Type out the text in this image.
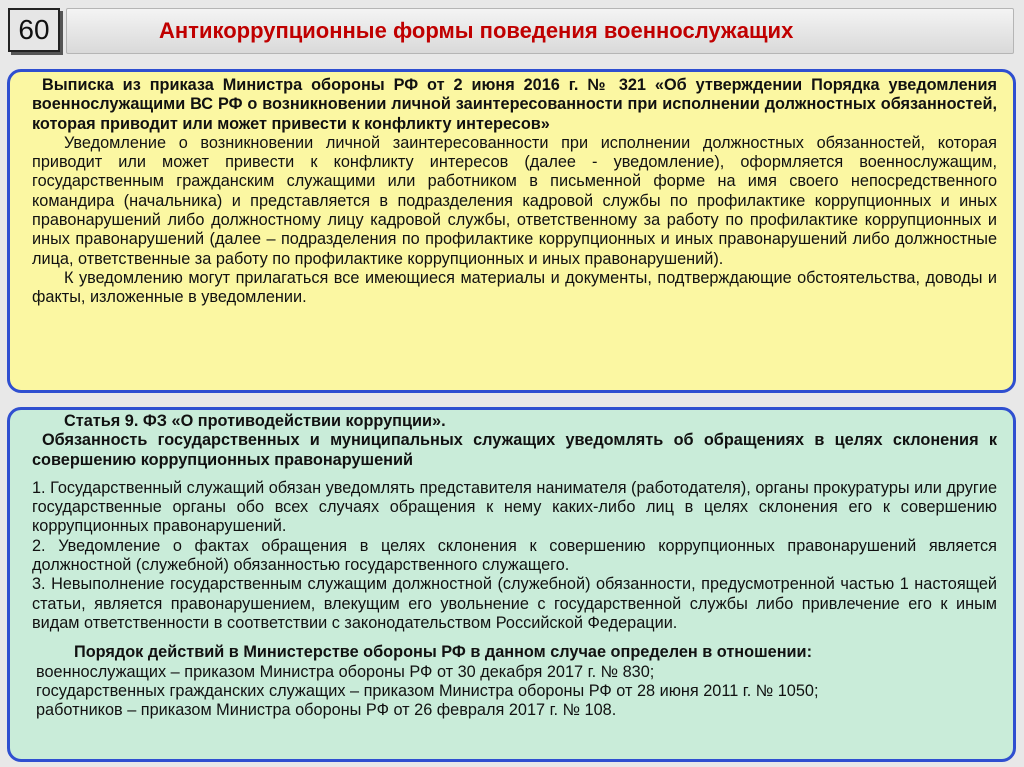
60	Антикоррупционные формы поведения военнослужащих

Выписка из приказа Министра обороны РФ от 2 июня 2016 г. № 321 «Об утверждении Порядка уведомления военнослужащими ВС РФ о возникновении личной заинтересованности при исполнении должностных обязанностей, которая приводит или может привести к конфликту интересов»

Уведомление о возникновении личной заинтересованности при исполнении должностных обязанностей, которая приводит или может привести к конфликту интересов (далее - уведомление), оформляется военнослужащим, государственным гражданским служащими или работником в письменной форме на имя своего непосредственного командира (начальника) и представляется в подразделения кадровой службы по профилактике коррупционных и иных правонарушений либо должностному лицу кадровой службы, ответственному за работу по профилактике коррупционных и иных правонарушений (далее – подразделения по профилактике коррупционных и иных правонарушений либо должностные лица, ответственные за работу по профилактике коррупционных и иных правонарушений).

К уведомлению могут прилагаться все имеющиеся материалы и документы, подтверждающие обстоятельства, доводы и факты, изложенные в уведомлении.

Статья 9. ФЗ «О противодействии коррупции».

Обязанность государственных и муниципальных служащих уведомлять об обращениях в целях склонения к совершению коррупционных правонарушений

1. Государственный служащий обязан уведомлять представителя нанимателя (работодателя), органы прокуратуры или другие государственные органы обо всех случаях обращения к нему каких-либо лиц в целях склонения его к совершению коррупционных правонарушений.

2. Уведомление о фактах обращения в целях склонения к совершению коррупционных правонарушений является должностной (служебной) обязанностью государственного служащего.

3. Невыполнение государственным служащим должностной (служебной) обязанности, предусмотренной частью 1 настоящей статьи, является правонарушением, влекущим его увольнение с государственной службы либо привлечение его к иным видам ответственности в соответствии с законодательством Российской Федерации.

Порядок действий в Министерстве обороны РФ в данном случае определен в отношении:

военнослужащих – приказом Министра обороны РФ от 30 декабря 2017 г. № 830;

государственных гражданских служащих – приказом Министра обороны РФ от 28 июня 2011 г. № 1050;

работников – приказом Министра обороны РФ от 26 февраля 2017 г. № 108.
